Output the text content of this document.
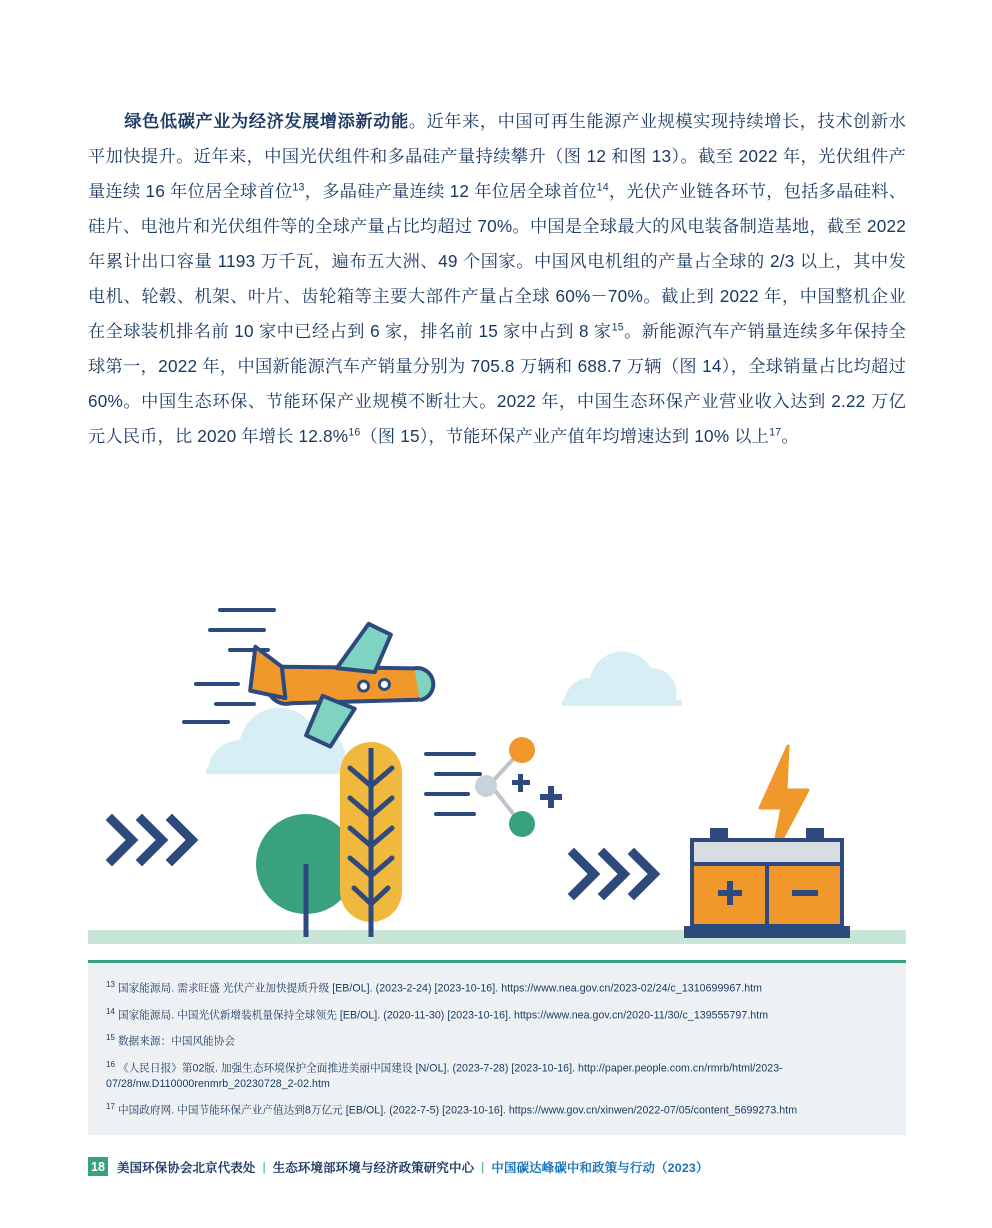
绿色低碳产业为经济发展增添新动能。近年来，中国可再生能源产业规模实现持续增长，技术创新水平加快提升。近年来，中国光伏组件和多晶硅产量持续攀升（图 12 和图 13）。截至 2022 年，光伏组件产量连续 16 年位居全球首位$^{13}$，多晶硅产量连续 12 年位居全球首位$^{14}$，光伏产业链各环节，包括多晶硅料、硅片、电池片和光伏组件等的全球产量占比均超过 70%。中国是全球最大的风电装备制造基地，截至 2022 年累计出口容量 1193 万千瓦，遍布五大洲、49 个国家。中国风电机组的产量占全球的 2/3 以上，其中发电机、轮毂、机架、叶片、齿轮箱等主要大部件产量占全球 60%－70%。截止到 2022 年，中国整机企业在全球装机排名前 10 家中已经占到 6 家，排名前 15 家中占到 8 家$^{15}$。新能源汽车产销量连续多年保持全球第一，2022 年，中国新能源汽车产销量分别为 705.8 万辆和 688.7 万辆（图 14），全球销量占比均超过 60%。中国生态环保、节能环保产业规模不断壮大。2022 年，中国生态环保产业营业收入达到 2.22 万亿元人民币，比 2020 年增长 12.8%$^{16}$（图 15），节能环保产业产值年均增速达到 10% 以上$^{17}$。
$^{13}$ 国家能源局. 需求旺盛 光伏产业加快提质升级 [EB/OL]. (2023-2-24) [2023-10-16]. https://www.nea.gov.cn/2023-02/24/c_1310699967.htm
$^{14}$ 国家能源局. 中国光伏新增装机量保持全球领先 [EB/OL]. (2020-11-30) [2023-10-16]. https://www.nea.gov.cn/2020-11/30/c_139555797.htm
$^{15}$ 数据来源：中国风能协会
$^{16}$ 《人民日报》第02版. 加强生态环境保护全面推进美丽中国建设 [N/OL]. (2023-7-28) [2023-10-16]. http://paper.people.com.cn/rmrb/html/2023-07/28/nw.D110000renmrb_20230728_2-02.htm
$^{17}$ 中国政府网. 中国节能环保产业产值达到8万亿元 [EB/OL]. (2022-7-5) [2023-10-16]. https://www.gov.cn/xinwen/2022-07/05/content_5699273.htm
18 美国环保协会北京代表处 | 生态环境部环境与经济政策研究中心 | 中国碳达峰碳中和政策与行动（2023）
